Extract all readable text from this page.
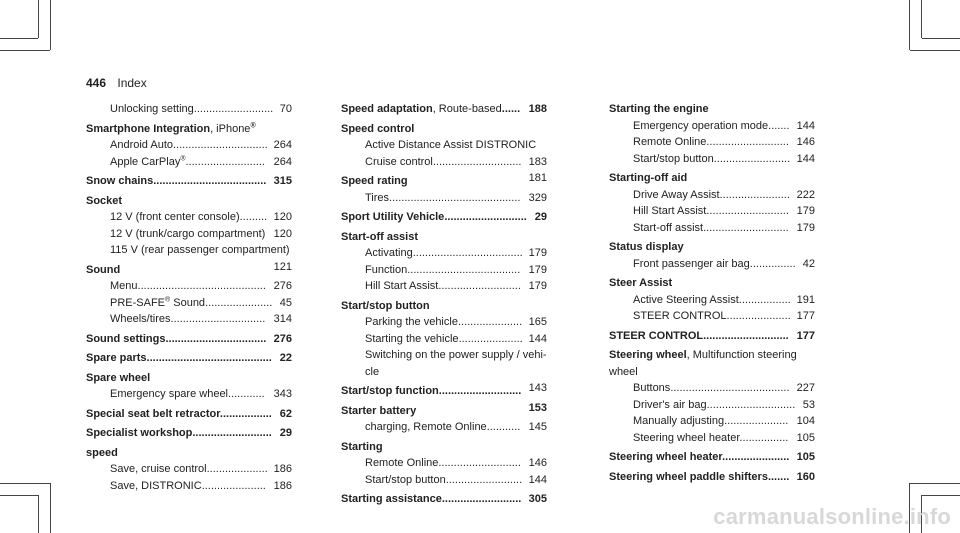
446 Index
Unlocking setting.......................... 70
Smartphone Integration, iPhone®
Android Auto............................... 264
Apple CarPlay®.......................... 264
Snow chains..................................... 315
Socket
12 V (front center console)......... 120
12 V (trunk/cargo compartment) 120
115 V (rear passenger compartment)
121
Sound
Menu.......................................... 276
PRE-SAFE® Sound...................... 45
Wheels/tires............................... 314
Sound settings................................. 276
Spare parts......................................... 22
Spare wheel
Emergency spare wheel............ 343
Special seat belt retractor................. 62
Specialist workshop.......................... 29
speed
Save, cruise control.................... 186
Save, DISTRONIC..................... 186
Speed adaptation, Route-based...... 188
Speed control
Active Distance Assist DISTRONIC
183
Cruise control.............................
181
Speed rating
Tires........................................... 329
Sport Utility Vehicle........................... 29
Start-off assist
Activating.................................... 179
Function..................................... 179
Hill Start Assist........................... 179
Start/stop button
Parking the vehicle..................... 165
Starting the vehicle..................... 144
Switching on the power supply / vehi-
cle
143
Start/stop function...........................
153
Starter battery
charging, Remote Online........... 145
Starting
Remote Online........................... 146
Start/stop button......................... 144
Starting assistance.......................... 305
Starting the engine
Emergency operation mode....... 144
Remote Online........................... 146
Start/stop button......................... 144
Starting-off aid
Drive Away Assist....................... 222
Hill Start Assist........................... 179
Start-off assist............................ 179
Status display
Front passenger air bag............... 42
Steer Assist
Active Steering Assist................. 191
STEER CONTROL..................... 177
STEER CONTROL............................ 177
Steering wheel, Multifunction steering
wheel
Buttons....................................... 227
Driver's air bag............................. 53
Manually adjusting..................... 104
Steering wheel heater................ 105
Steering wheel heater...................... 105
Steering wheel paddle shifters....... 160
carmanualsonline.info
